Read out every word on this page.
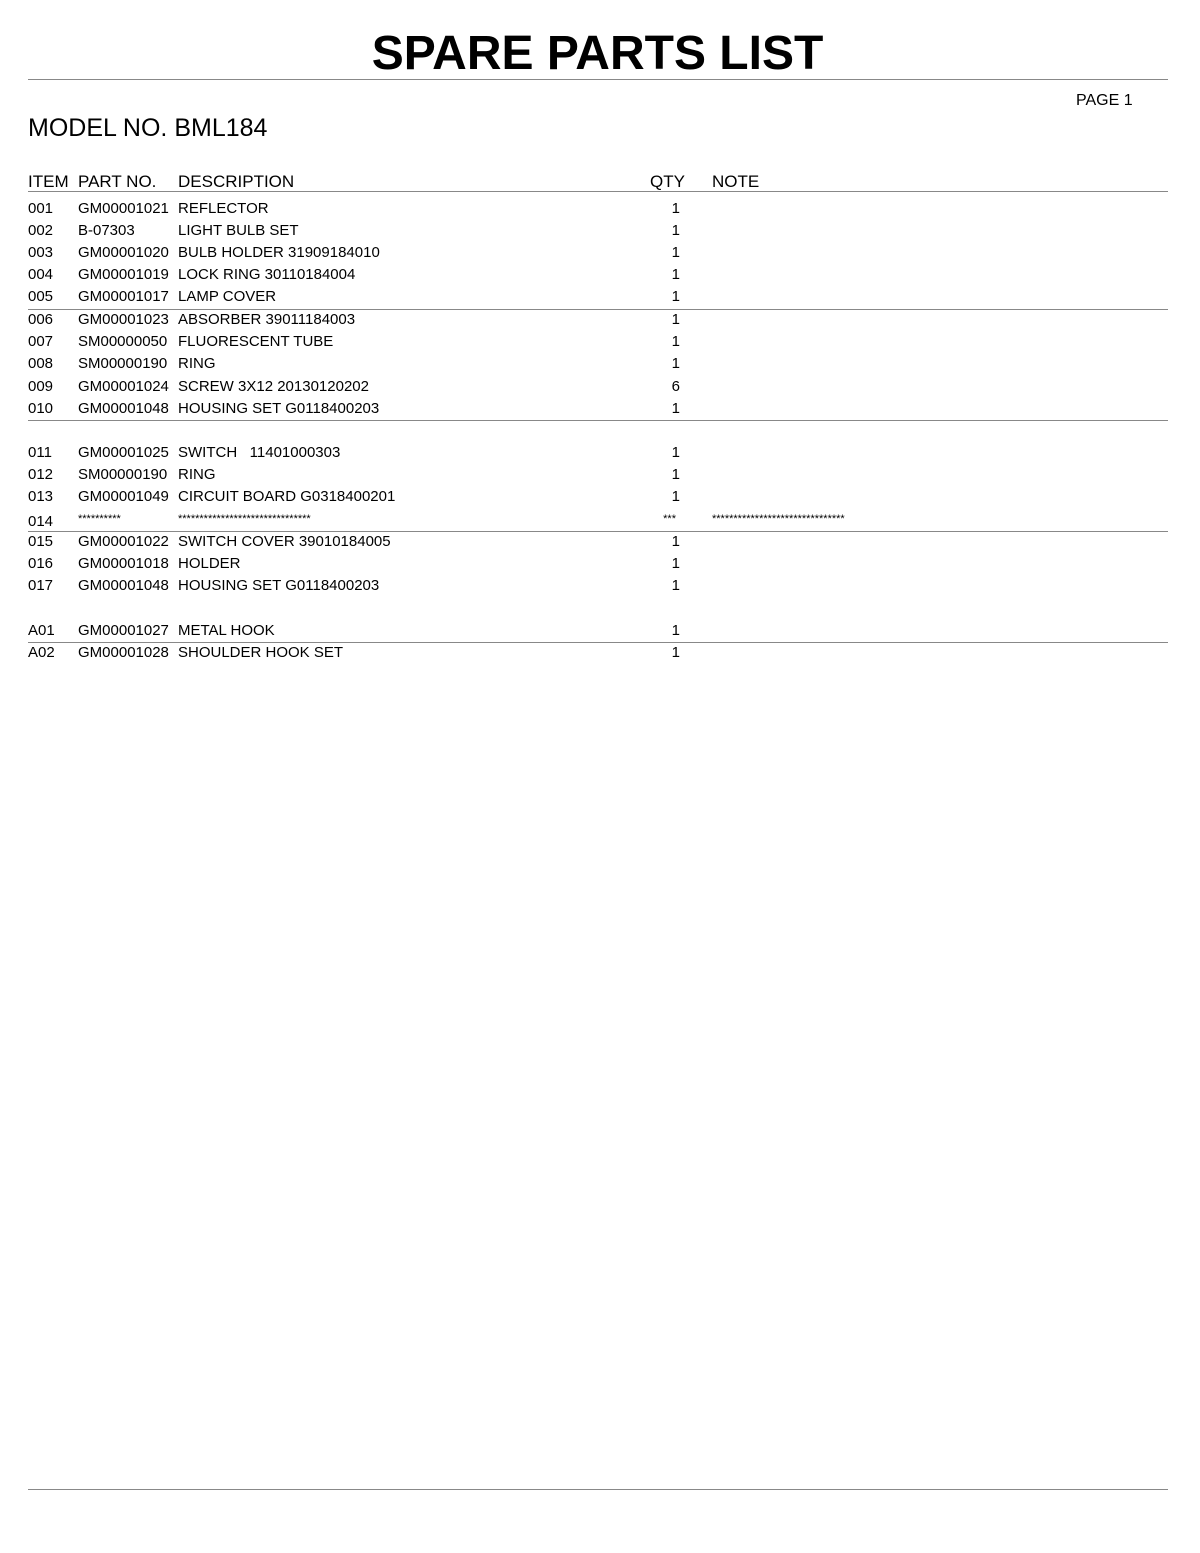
SPARE PARTS LIST
PAGE 1
MODEL NO. BML184
ITEM PART NO. DESCRIPTION	QTY NOTE
001 GM00001021 REFLECTOR	1
002 B-07303	LIGHT BULB SET	1
003 GM00001020 BULB HOLDER 31909184010	1
004 GM00001019 LOCK RING 30110184004	1
005 GM00001017 LAMP COVER	1
006 GM00001023 ABSORBER 39011184003	1
007 SM00000050 FLUORESCENT TUBE	1
008 SM00000190 RING	1
009 GM00001024 SCREW 3X12 20130120202	6
010 GM00001048 HOUSING SET G0118400203	1
011 GM00001025 SWITCH   11401000303	1
012 SM00000190 RING	1
013 GM00001049 CIRCUIT BOARD G0318400201	1
014 **********	*******************************	***	*******************************
015 GM00001022 SWITCH COVER 39010184005	1
016 GM00001018 HOLDER	1
017 GM00001048 HOUSING SET G0118400203	1
A01 GM00001027 METAL HOOK	1
A02 GM00001028 SHOULDER HOOK SET	1
